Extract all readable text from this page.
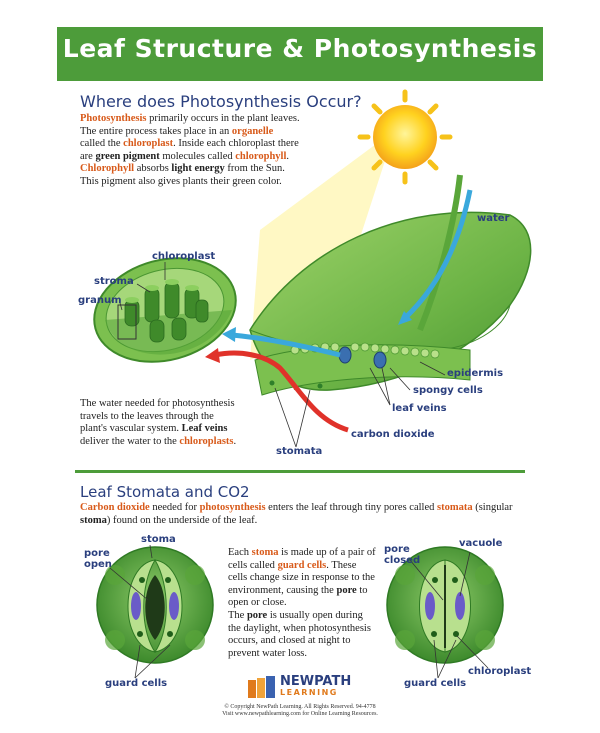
Leaf Structure & Photosynthesis
Where does Photosynthesis Occur?

Photosynthesis primarily occurs in the plant leaves. The entire process takes place in an organelle called the chloroplast. Inside each chloroplast there are green pigment molecules called chlorophyll. Chlorophyll absorbs light energy from the Sun. This pigment also gives plants their green color.

The water needed for photosynthesis travels to the leaves through the plant's vascular system. Leaf veins deliver the water to the chloroplasts.

chloroplast
stroma
granum
water
epidermis
spongy cells
leaf veins
carbon dioxide
stomata
Leaf Stomata and CO2

Carbon dioxide needed for photosynthesis enters the leaf through tiny pores called stomata (singular stoma) found on the underside of the leaf.

Each stoma is made up of a pair of cells called guard cells. These cells change size in response to the environment, causing the pore to open or close.

The pore is usually open during the daylight, when photosynthesis occurs, and closed at night to prevent water loss.

stoma
pore
open
guard cells
pore
closed
vacuole
chloroplast
guard cells
NEWPATH
LEARNING
© Copyright NewPath Learning. All Rights Reserved. 94-4778
Visit www.newpathlearning.com for Online Learning Resources.
